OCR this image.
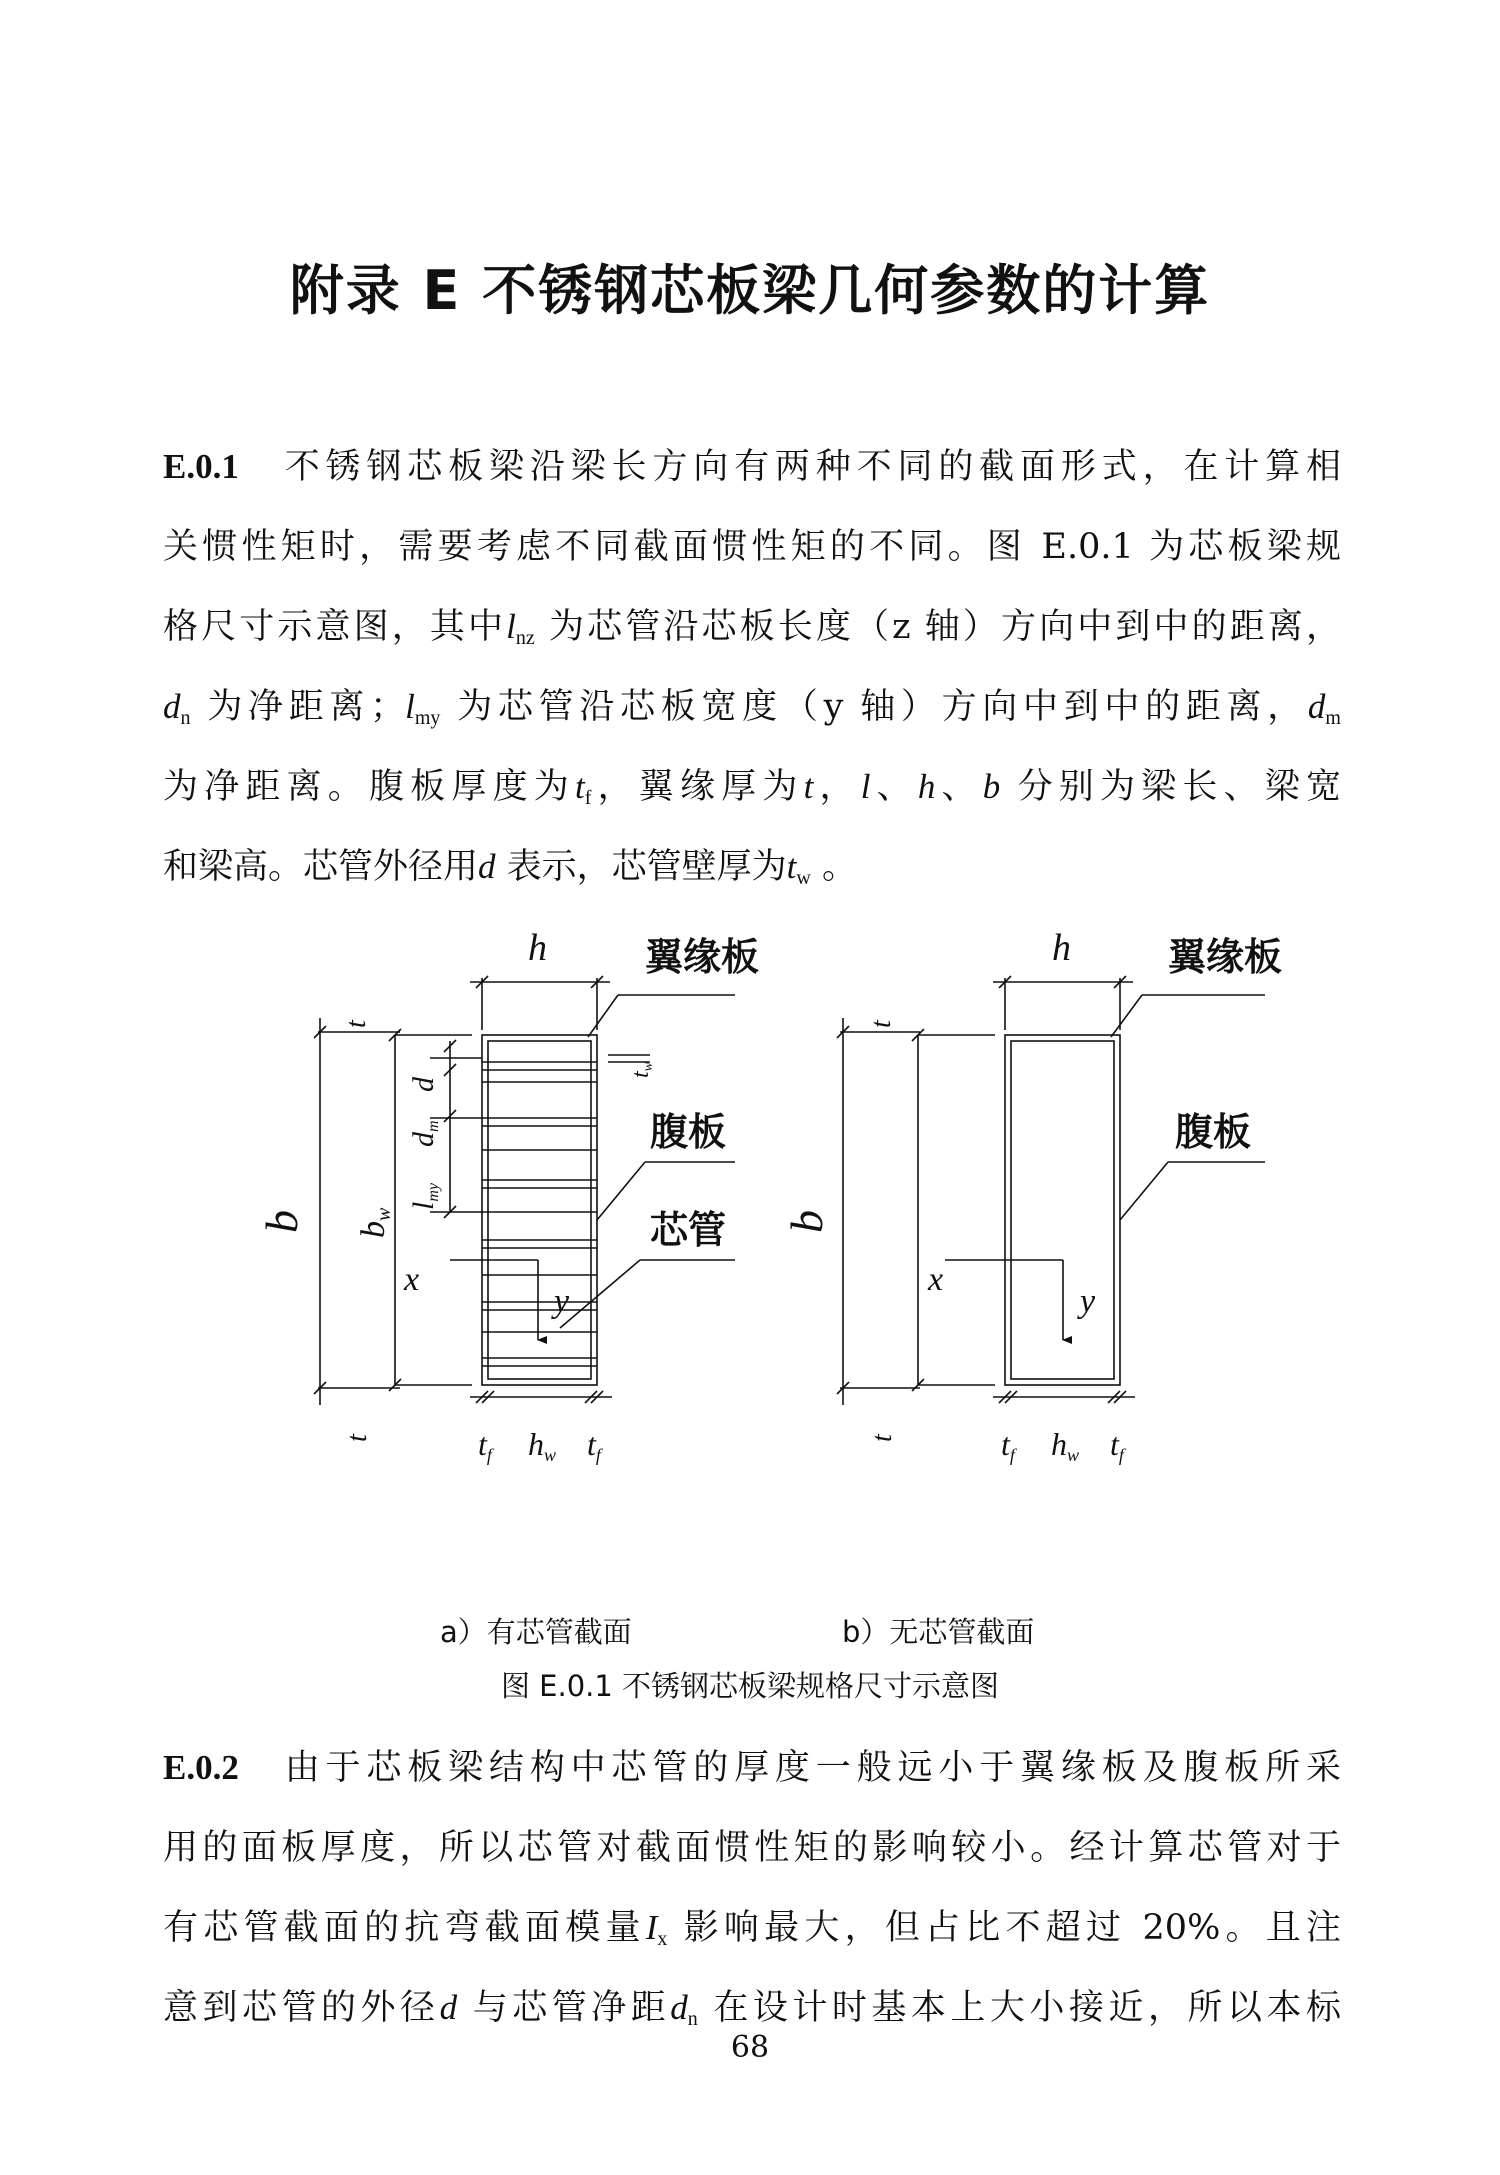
附录 E 不锈钢芯板梁几何参数的计算
E.0.1 不锈钢芯板梁沿梁长方向有两种不同的截面形式，在计算相
关惯性矩时，需要考虑不同截面惯性矩的不同。图 E.0.1 为芯板梁规
格尺寸示意图，其中$l_{nz}$ 为芯管沿芯板长度（z 轴）方向中到中的距离，
$d_n$ 为净距离；$l_{my}$ 为芯管沿芯板宽度（y 轴）方向中到中的距离，$d_m$
为净距离。腹板厚度为$t_f$，翼缘厚为t，l、h、b 分别为梁长、梁宽
和梁高。芯管外径用d 表示，芯管壁厚为$t_w$ 。
h	h
b	b
bw
t
t
t
t
d
dm
lmy
x	x
y	y
tw
tf hw tf	tf hw tf
翼缘板	翼缘板
腹板	腹板
芯管
a）有芯管截面	b）无芯管截面
图 E.0.1 不锈钢芯板梁规格尺寸示意图
E.0.2 由于芯板梁结构中芯管的厚度一般远小于翼缘板及腹板所采
用的面板厚度，所以芯管对截面惯性矩的影响较小。经计算芯管对于
有芯管截面的抗弯截面模量$I_x$ 影响最大，但占比不超过 20%。且注
意到芯管的外径d 与芯管净距$d_n$ 在设计时基本上大小接近，所以本标
68
